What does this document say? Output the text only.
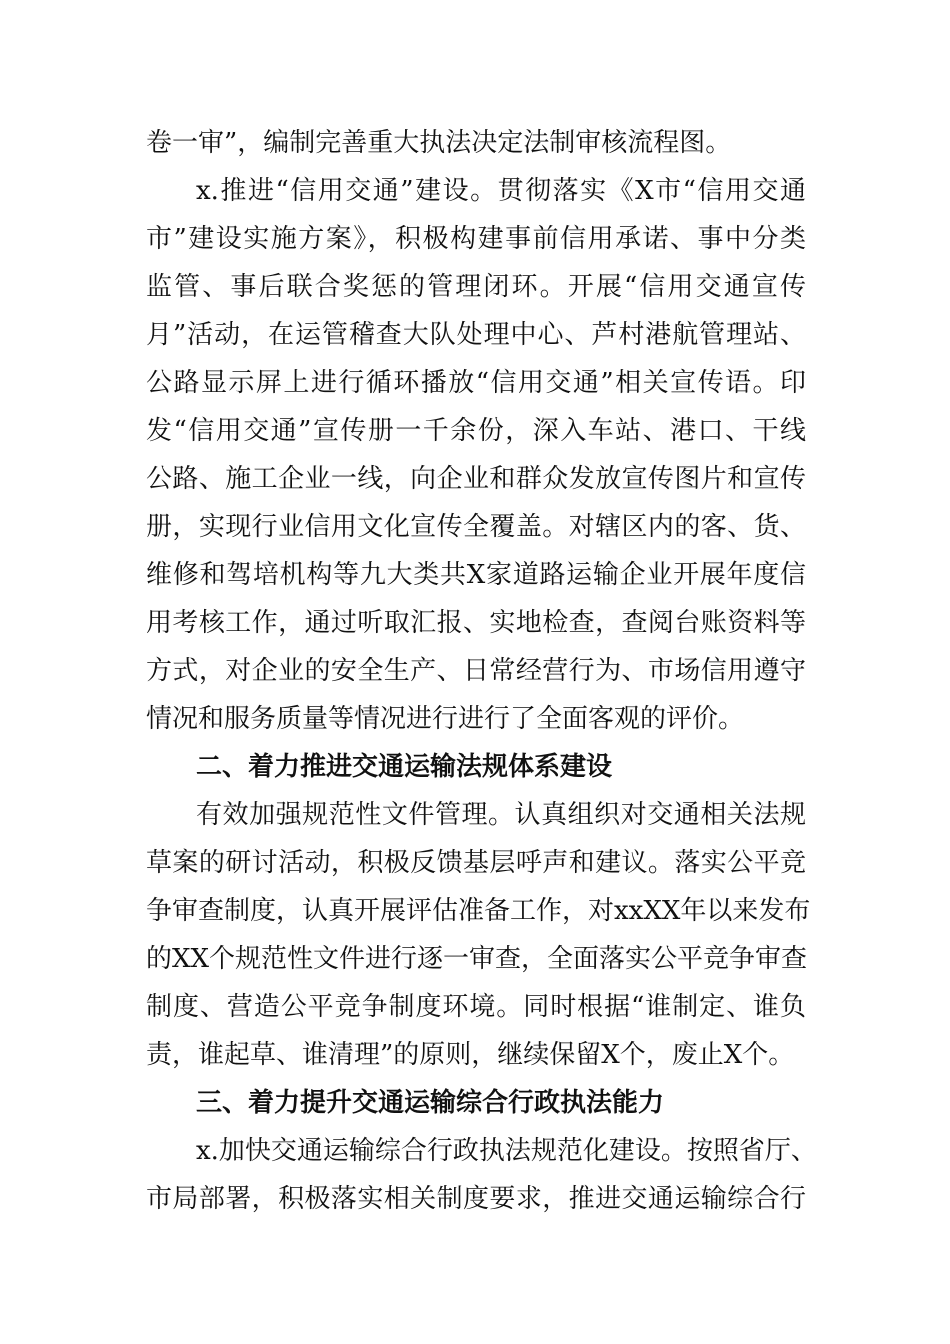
卷一审”，编制完善重大执法决定法制审核流程图。
x.推进“信用交通”建设。贯彻落实《X市“信用交通
市”建设实施方案》，积极构建事前信用承诺、事中分类
监管、事后联合奖惩的管理闭环。开展“信用交通宣传
月”活动，在运管稽查大队处理中心、芦村港航管理站、
公路显示屏上进行循环播放“信用交通”相关宣传语。印
发“信用交通”宣传册一千余份，深入车站、港口、干线
公路、施工企业一线，向企业和群众发放宣传图片和宣传
册，实现行业信用文化宣传全覆盖。对辖区内的客、货、
维修和驾培机构等九大类共X家道路运输企业开展年度信
用考核工作，通过听取汇报、实地检查，查阅台账资料等
方式，对企业的安全生产、日常经营行为、市场信用遵守
情况和服务质量等情况进行进行了全面客观的评价。
二、着力推进交通运输法规体系建设
有效加强规范性文件管理。认真组织对交通相关法规
草案的研讨活动，积极反馈基层呼声和建议。落实公平竞
争审查制度，认真开展评估准备工作，对xxXX年以来发布
的XX个规范性文件进行逐一审查，全面落实公平竞争审查
制度、营造公平竞争制度环境。同时根据“谁制定、谁负
责，谁起草、谁清理”的原则，继续保留X个，废止X个。
三、着力提升交通运输综合行政执法能力
x.加快交通运输综合行政执法规范化建设。按照省厅、
市局部署，积极落实相关制度要求，推进交通运输综合行
